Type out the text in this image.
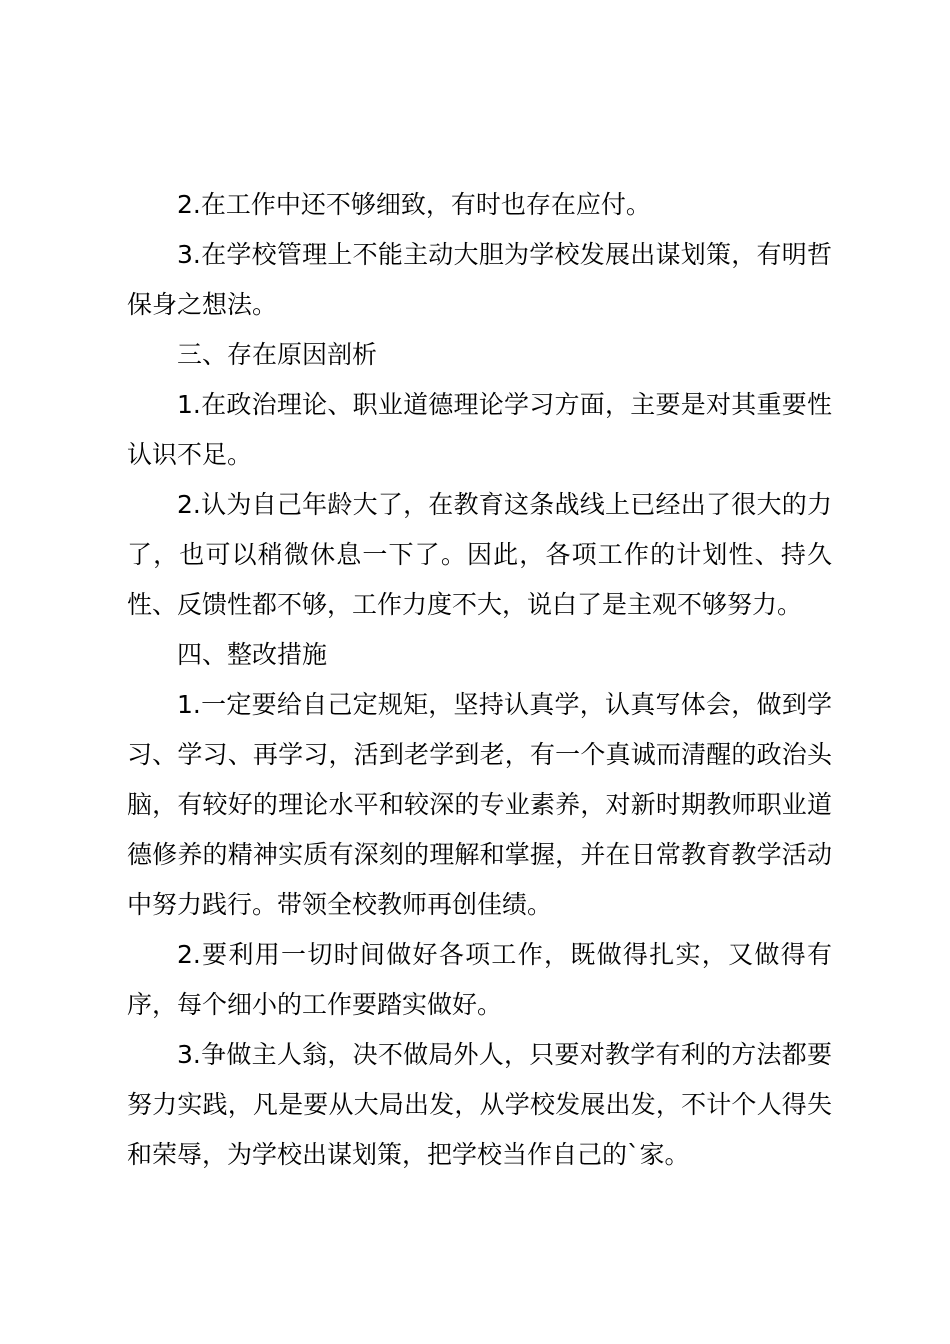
2.在工作中还不够细致，有时也存在应付。

3.在学校管理上不能主动大胆为学校发展出谋划策，有明哲保身之想法。

三、存在原因剖析

1.在政治理论、职业道德理论学习方面，主要是对其重要性认识不足。

2.认为自己年龄大了，在教育这条战线上已经出了很大的力了，也可以稍微休息一下了。因此，各项工作的计划性、持久性、反馈性都不够，工作力度不大，说白了是主观不够努力。

四、整改措施

1.一定要给自己定规矩，坚持认真学，认真写体会，做到学习、学习、再学习，活到老学到老，有一个真诚而清醒的政治头脑，有较好的理论水平和较深的专业素养，对新时期教师职业道德修养的精神实质有深刻的理解和掌握，并在日常教育教学活动中努力践行。带领全校教师再创佳绩。

2.要利用一切时间做好各项工作，既做得扎实，又做得有序，每个细小的工作要踏实做好。

3.争做主人翁，决不做局外人，只要对教学有利的方法都要努力实践，凡是要从大局出发，从学校发展出发，不计个人得失和荣辱，为学校出谋划策，把学校当作自己的`家。
